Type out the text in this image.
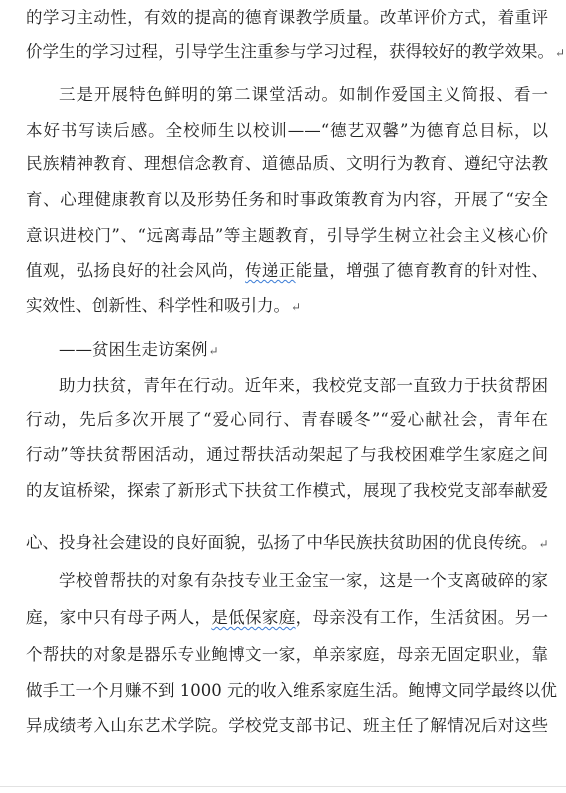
的学习主动性，有效的提高的德育课教学质量。改革评价方式，着重评
价学生的学习过程，引导学生注重参与学习过程，获得较好的教学效果。↵
三是开展特色鲜明的第二课堂活动。如制作爱国主义简报、看一
本好书写读后感。全校师生以校训——“德艺双馨”为德育总目标，以
民族精神教育、理想信念教育、道德品质、文明行为教育、遵纪守法教
育、心理健康教育以及形势任务和时事政策教育为内容，开展了“安全
意识进校门”、“远离毒品”等主题教育，引导学生树立社会主义核心价
值观，弘扬良好的社会风尚，传递正能量，增强了德育教育的针对性、
实效性、创新性、科学性和吸引力。↵
——贫困生走访案例↵
助力扶贫，青年在行动。近年来，我校党支部一直致力于扶贫帮困
行动，先后多次开展了“爱心同行、青春暖冬”“爱心献社会，青年在
行动”等扶贫帮困活动，通过帮扶活动架起了与我校困难学生家庭之间
的友谊桥梁，探索了新形式下扶贫工作模式，展现了我校党支部奉献爱
心、投身社会建设的良好面貌，弘扬了中华民族扶贫助困的优良传统。↵
学校曾帮扶的对象有杂技专业王金宝一家，这是一个支离破碎的家
庭，家中只有母子两人，是低保家庭，母亲没有工作，生活贫困。另一
个帮扶的对象是器乐专业鲍博文一家，单亲家庭，母亲无固定职业，靠
做手工一个月赚不到 1000 元的收入维系家庭生活。鲍博文同学最终以优
异成绩考入山东艺术学院。学校党支部书记、班主任了解情况后对这些
